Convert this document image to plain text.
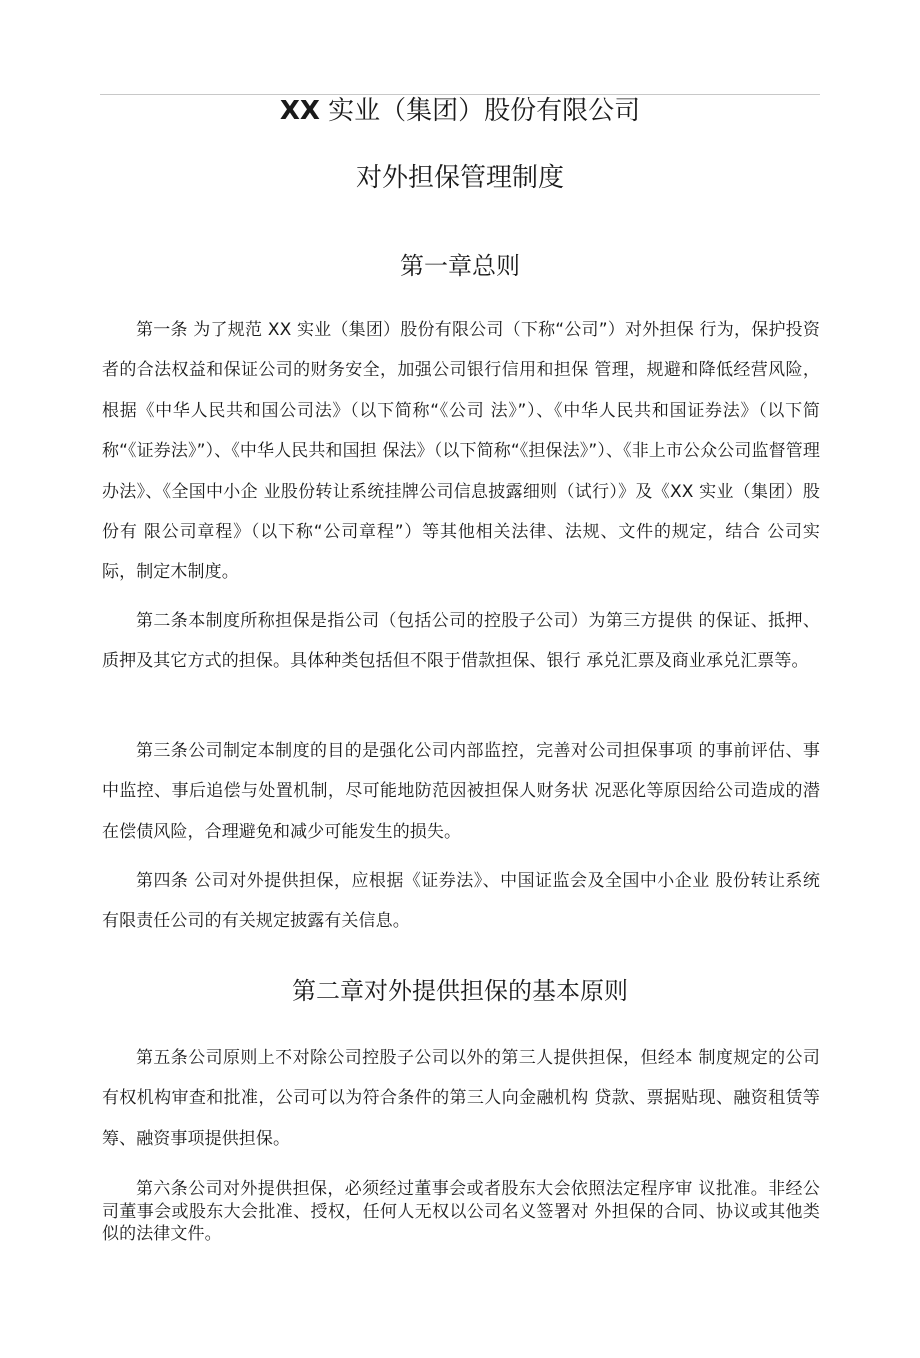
XX 实业（集团）股份有限公司
对外担保管理制度
第一章总则
第一条 为了规范 XX 实业（集团）股份有限公司（下称“公司”）对外担保 行为，保护投资者的合法权益和保证公司的财务安全，加强公司银行信用和担保 管理，规避和降低经营风险，根据《中华人民共和国公司法》（以下简称“《公司 法》”）、《中华人民共和国证券法》（以下简称“《证券法》”）、《中华人民共和国担 保法》（以下简称“《担保法》”）、《非上市公众公司监督管理办法》、《全国中小企 业股份转让系统挂牌公司信息披露细则（试行）》及《XX 实业（集团）股份有 限公司章程》（以下称“公司章程”）等其他相关法律、法规、文件的规定，结合 公司实际，制定木制度。
第二条本制度所称担保是指公司（包括公司的控股子公司）为第三方提供 的保证、抵押、质押及其它方式的担保。具体种类包括但不限于借款担保、银行 承兑汇票及商业承兑汇票等。
第三条公司制定本制度的目的是强化公司内部监控，完善对公司担保事项 的事前评估、事中监控、事后追偿与处置机制，尽可能地防范因被担保人财务状 况恶化等原因给公司造成的潜在偿债风险，合理避免和减少可能发生的损失。
第四条 公司对外提供担保，应根据《证券法》、中国证监会及全国中小企业 股份转让系统有限责任公司的有关规定披露有关信息。
第二章对外提供担保的基本原则
第五条公司原则上不对除公司控股子公司以外的第三人提供担保，但经本 制度规定的公司有权机构审查和批准，公司可以为符合条件的第三人向金融机构 贷款、票据贴现、融资租赁等筹、融资事项提供担保。
第六条公司对外提供担保，必须经过董事会或者股东大会依照法定程序审 议批准。非经公司董事会或股东大会批准、授权，任何人无权以公司名义签署对 外担保的合同、协议或其他类似的法律文件。
